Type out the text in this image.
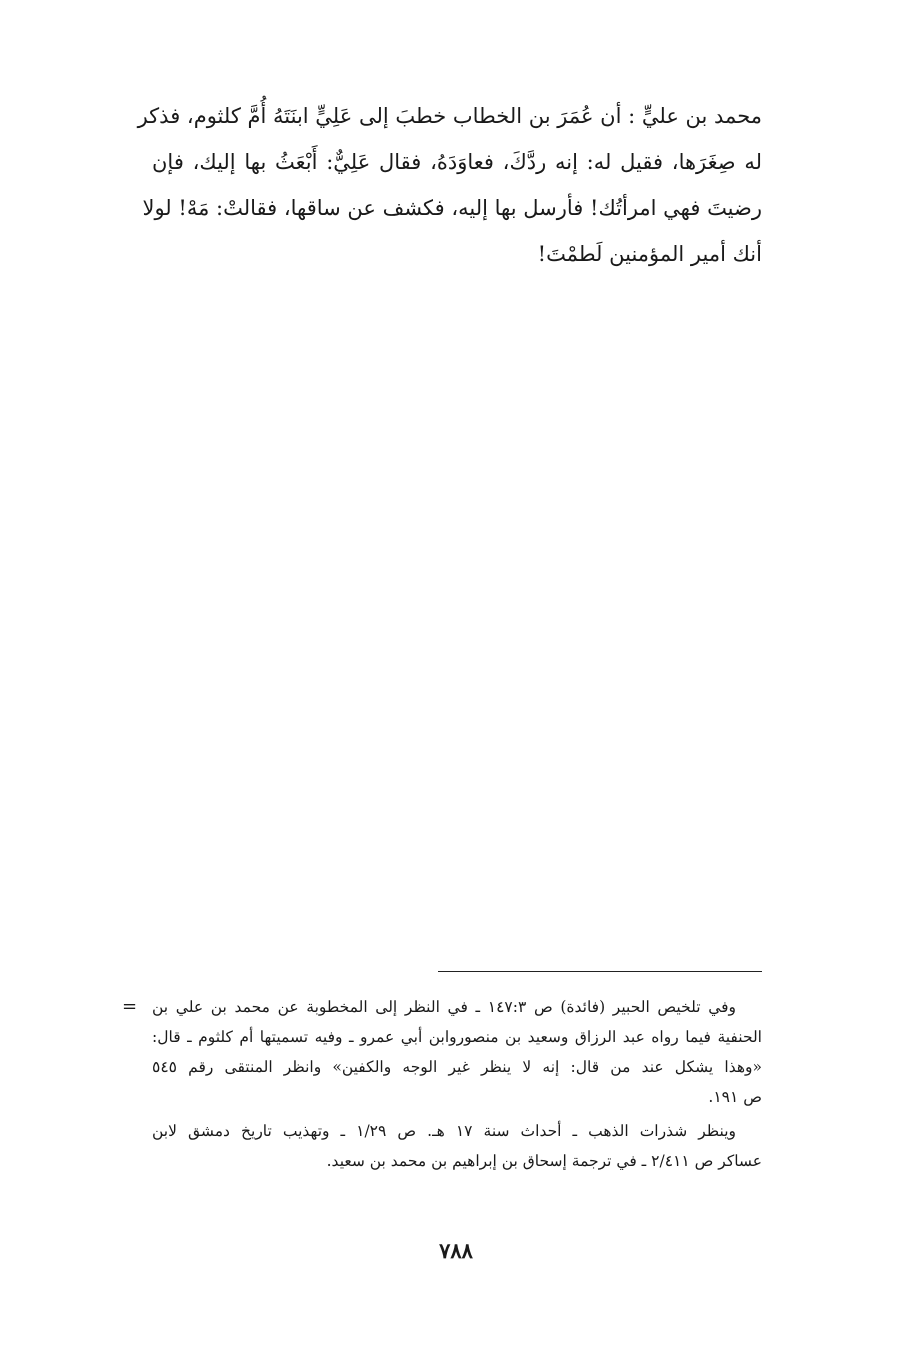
محمد بن عليٍّ : أن عُمَرَ بن الخطاب خطبَ إلى عَلِيٍّ ابنَتَهُ أُمَّ كلثوم، فذكر
له صِغَرَها، فقيل له: إنه ردَّكَ، فعاوَدَهُ، فقال عَلِيٌّ: أَبْعَثُ بها إليك، فإن
رضيتَ فهي امرأتُك! فأرسل بها إليه، فكشف عن ساقها، فقالتْ: مَهْ! لولا
أنك أمير المؤمنين لَطمْتَ!
وفي تلخيص الحبير (فائدة) ص ١٤٧:٣ ـ في النظر إلى المخطوبة عن محمد بن علي بن
=
الحنفية فيما رواه عبد الرزاق وسعيد بن منصوروابن أبي عمرو ـ وفيه تسميتها أم كلثوم ـ قال:
«وهذا يشكل عند من قال: إنه لا ينظر غير الوجه والكفين» وانظر المنتقى رقم ٥٤٥
ص ١٩١.
وينظر شذرات الذهب ـ أحداث سنة ١٧ هـ. ص ١/٢٩ ـ وتهذيب تاريخ دمشق لابن
عساكر ص ٢/٤١١ ـ في ترجمة إسحاق بن إبراهيم بن محمد بن سعيد.
٧٨٨
